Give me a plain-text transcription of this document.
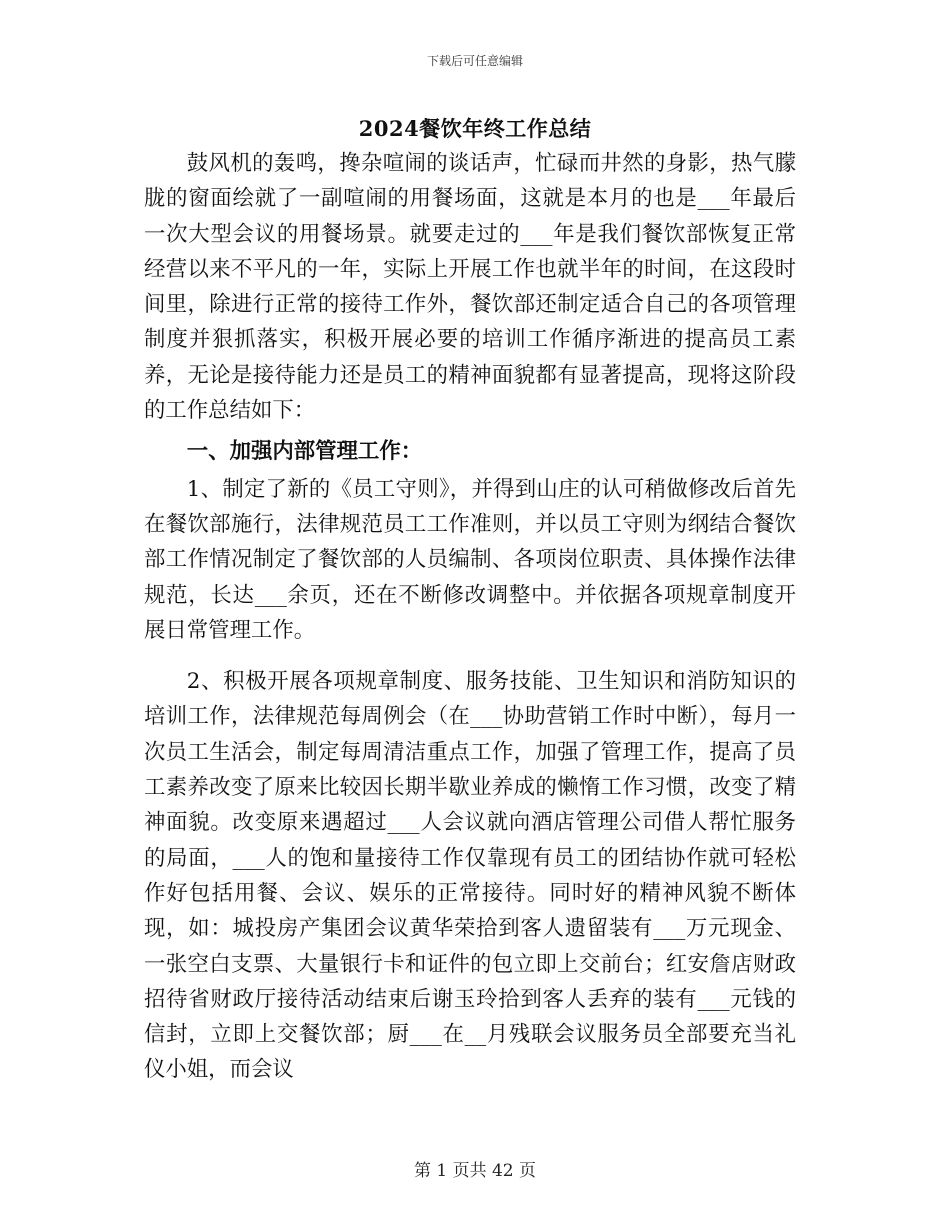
下载后可任意编辑
2024餐饮年终工作总结

鼓风机的轰鸣，搀杂喧闹的谈话声，忙碌而井然的身影，热气朦胧的窗面绘就了一副喧闹的用餐场面，这就是本月的也是___年最后一次大型会议的用餐场景。就要走过的___年是我们餐饮部恢复正常经营以来不平凡的一年，实际上开展工作也就半年的时间，在这段时间里，除进行正常的接待工作外，餐饮部还制定适合自己的各项管理制度并狠抓落实，积极开展必要的培训工作循序渐进的提高员工素养，无论是接待能力还是员工的精神面貌都有显著提高，现将这阶段的工作总结如下：

一、加强内部管理工作：

1、制定了新的《员工守则》，并得到山庄的认可稍做修改后首先在餐饮部施行，法律规范员工工作准则，并以员工守则为纲结合餐饮部工作情况制定了餐饮部的人员编制、各项岗位职责、具体操作法律规范，长达___余页，还在不断修改调整中。并依据各项规章制度开展日常管理工作。

2、积极开展各项规章制度、服务技能、卫生知识和消防知识的培训工作，法律规范每周例会（在___协助营销工作时中断），每月一次员工生活会，制定每周清洁重点工作，加强了管理工作，提高了员工素养改变了原来比较因长期半歇业养成的懒惰工作习惯，改变了精神面貌。改变原来遇超过___人会议就向酒店管理公司借人帮忙服务的局面，___人的饱和量接待工作仅靠现有员工的团结协作就可轻松作好包括用餐、会议、娱乐的正常接待。同时好的精神风貌不断体现，如：城投房产集团会议黄华荣拾到客人遗留装有___万元现金、一张空白支票、大量银行卡和证件的包立即上交前台；红安詹店财政招待省财政厅接待活动结束后谢玉玲拾到客人丢弃的装有___元钱的信封，立即上交餐饮部；厨___在__月残联会议服务员全部要充当礼仪小姐，而会议

第 1 页共 42 页
